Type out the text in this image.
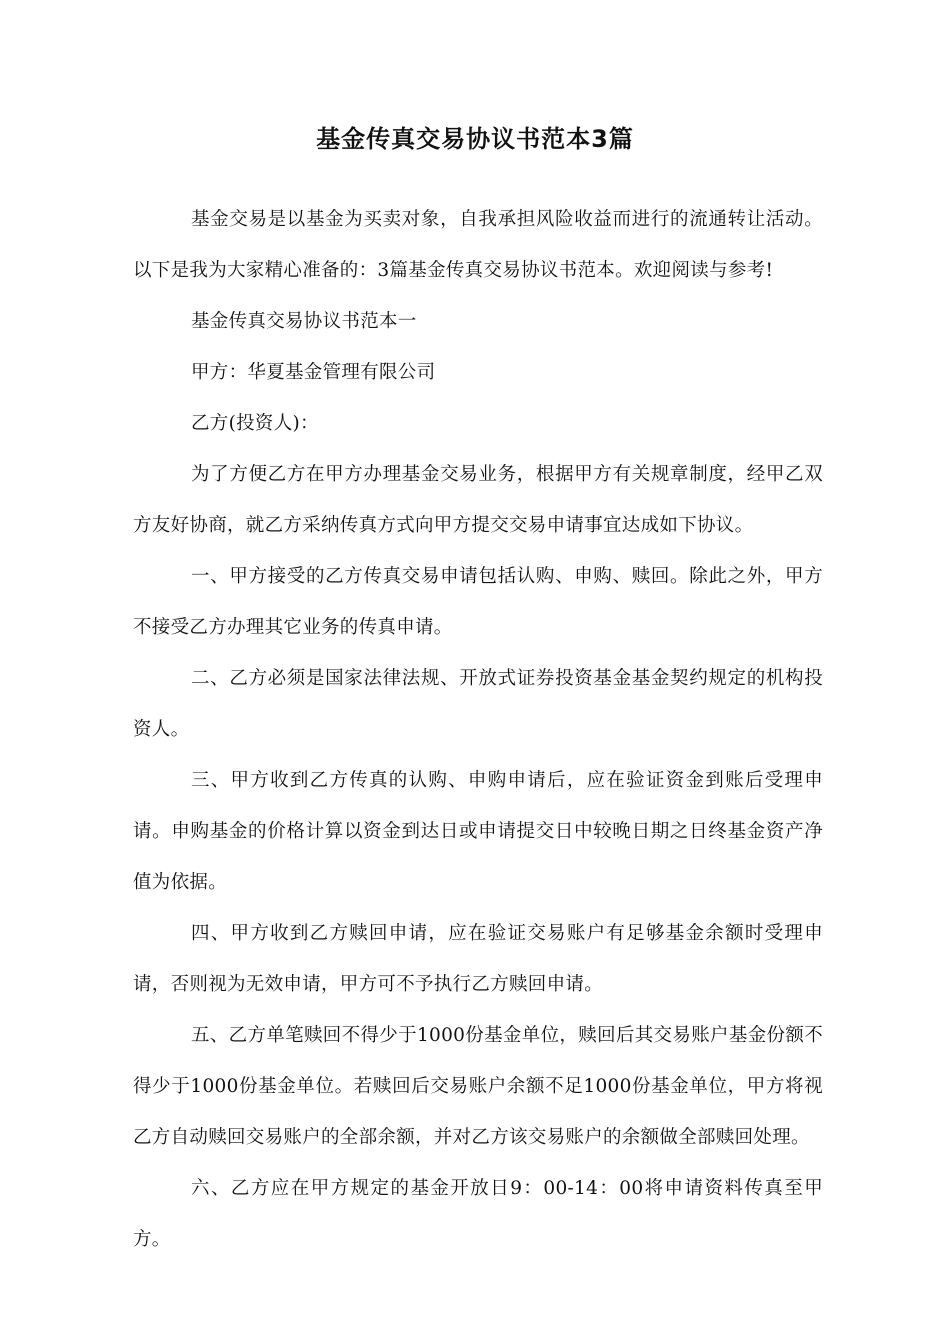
基金传真交易协议书范本3篇

基金交易是以基金为买卖对象，自我承担风险收益而进行的流通转让活动。以下是我为大家精心准备的：3篇基金传真交易协议书范本。欢迎阅读与参考!

基金传真交易协议书范本一

甲方：华夏基金管理有限公司

乙方(投资人)：

为了方便乙方在甲方办理基金交易业务，根据甲方有关规章制度，经甲乙双方友好协商，就乙方采纳传真方式向甲方提交交易申请事宜达成如下协议。

一、甲方接受的乙方传真交易申请包括认购、申购、赎回。除此之外，甲方不接受乙方办理其它业务的传真申请。

二、乙方必须是国家法律法规、开放式证券投资基金基金契约规定的机构投资人。

三、甲方收到乙方传真的认购、申购申请后，应在验证资金到账后受理申请。申购基金的价格计算以资金到达日或申请提交日中较晚日期之日终基金资产净值为依据。

四、甲方收到乙方赎回申请，应在验证交易账户有足够基金余额时受理申请，否则视为无效申请，甲方可不予执行乙方赎回申请。

五、乙方单笔赎回不得少于1000份基金单位，赎回后其交易账户基金份额不得少于1000份基金单位。若赎回后交易账户余额不足1000份基金单位，甲方将视乙方自动赎回交易账户的全部余额，并对乙方该交易账户的余额做全部赎回处理。

六、乙方应在甲方规定的基金开放日9：00-14：00将申请资料传真至甲方。
